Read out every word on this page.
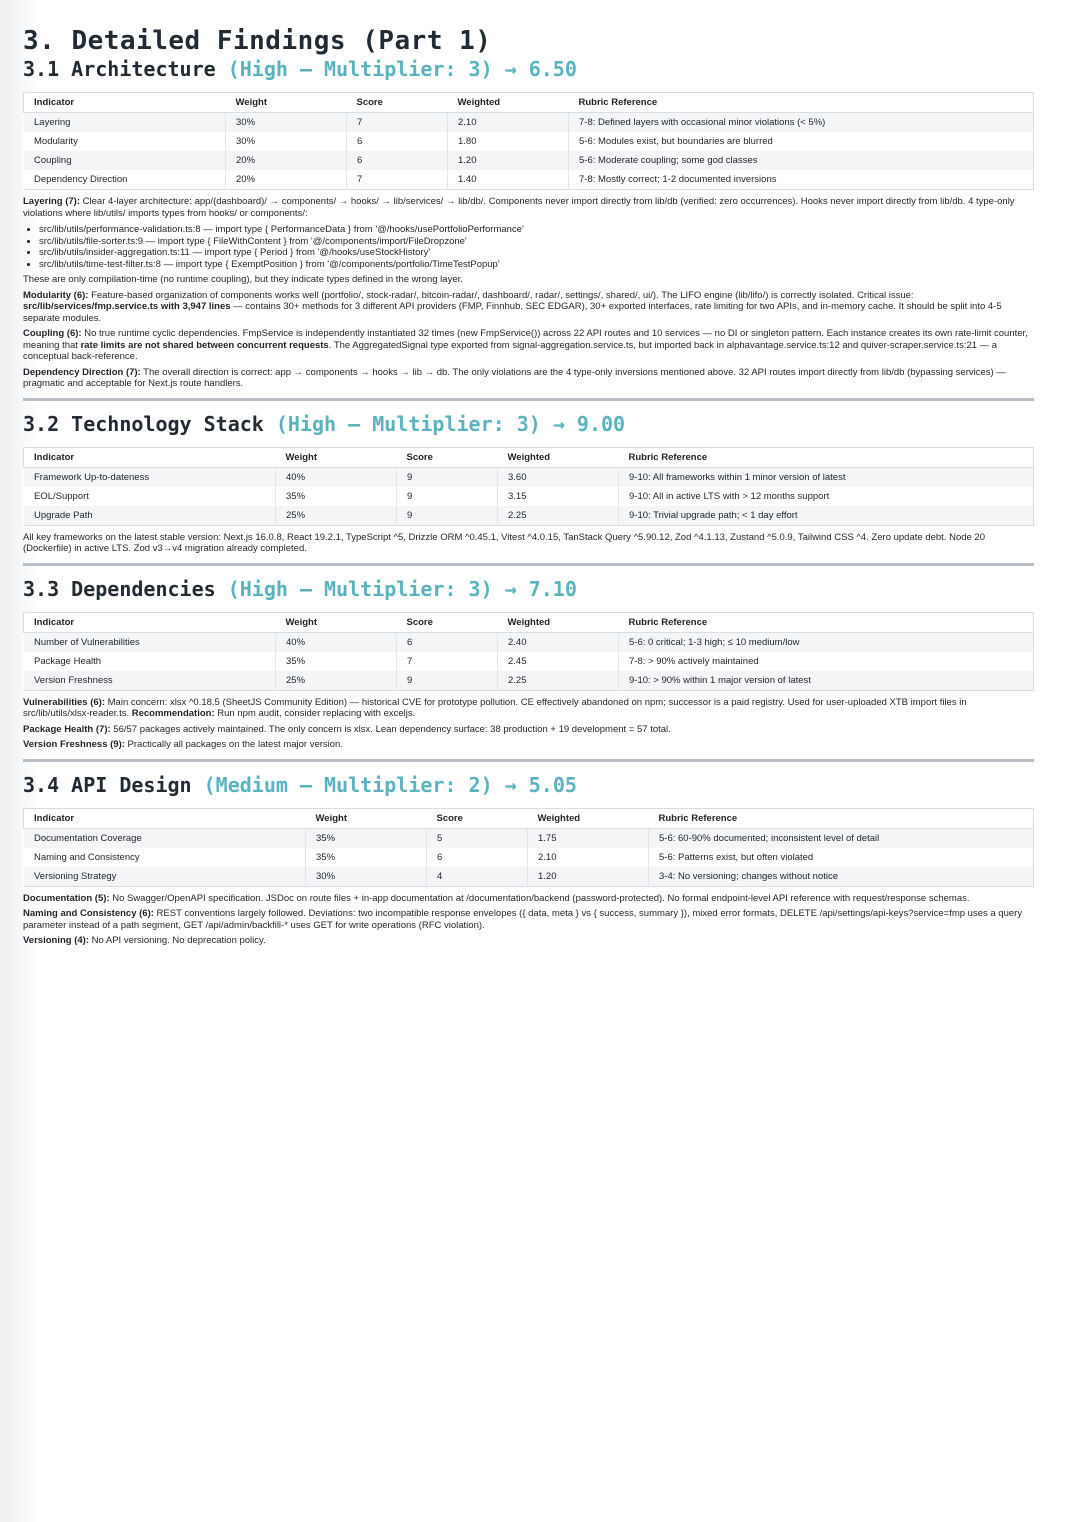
3. Detailed Findings (Part 1)
3.1 Architecture (High — Multiplier: 3) → 6.50
Indicator	Weight	Score	Weighted	Rubric Reference
Layering	30%	7	2.10	7-8: Defined layers with occasional minor violations (< 5%)
Modularity	30%	6	1.80	5-6: Modules exist, but boundaries are blurred
Coupling	20%	6	1.20	5-6: Moderate coupling; some god classes
Dependency Direction	20%	7	1.40	7-8: Mostly correct; 1-2 documented inversions

Layering (7): Clear 4-layer architecture: app/(dashboard)/ → components/ → hooks/ → lib/services/ → lib/db/. Components never import directly from lib/db (verified: zero occurrences). Hooks never import directly from lib/db. 4 type-only violations where lib/utils/ imports types from hooks/ or components/:

• src/lib/utils/performance-validation.ts:8 — import type { PerformanceData } from '@/hooks/usePortfolioPerformance'
• src/lib/utils/file-sorter.ts:9 — import type { FileWithContent } from '@/components/import/FileDropzone'
• src/lib/utils/insider-aggregation.ts:11 — import type { Period } from '@/hooks/useStockHistory'
• src/lib/utils/time-test-filter.ts:8 — import type { ExemptPosition } from '@/components/portfolio/TimeTestPopup'

These are only compilation-time (no runtime coupling), but they indicate types defined in the wrong layer.

Modularity (6): Feature-based organization of components works well (portfolio/, stock-radar/, bitcoin-radar/, dashboard/, radar/, settings/, shared/, ui/). The LIFO engine (lib/lifo/) is correctly isolated. Critical issue: src/lib/services/fmp.service.ts with 3,947 lines — contains 30+ methods for 3 different API providers (FMP, Finnhub, SEC EDGAR), 30+ exported interfaces, rate limiting for two APIs, and in-memory cache. It should be split into 4-5 separate modules.

Coupling (6): No true runtime cyclic dependencies. FmpService is independently instantiated 32 times (new FmpService()) across 22 API routes and 10 services — no DI or singleton pattern. Each instance creates its own rate-limit counter, meaning that rate limits are not shared between concurrent requests. The AggregatedSignal type exported from signal-aggregation.service.ts, but imported back in alphavantage.service.ts:12 and quiver-scraper.service.ts:21 — a conceptual back-reference.

Dependency Direction (7): The overall direction is correct: app → components → hooks → lib → db. The only violations are the 4 type-only inversions mentioned above. 32 API routes import directly from lib/db (bypassing services) — pragmatic and acceptable for Next.js route handlers.

3.2 Technology Stack (High — Multiplier: 3) → 9.00
Indicator	Weight	Score	Weighted	Rubric Reference
Framework Up-to-dateness	40%	9	3.60	9-10: All frameworks within 1 minor version of latest
EOL/Support	35%	9	3.15	9-10: All in active LTS with > 12 months support
Upgrade Path	25%	9	2.25	9-10: Trivial upgrade path; < 1 day effort

All key frameworks on the latest stable version: Next.js 16.0.8, React 19.2.1, TypeScript ^5, Drizzle ORM ^0.45.1, Vitest ^4.0.15, TanStack Query ^5.90.12, Zod ^4.1.13, Zustand ^5.0.9, Tailwind CSS ^4. Zero update debt. Node 20 (Dockerfile) in active LTS. Zod v3→v4 migration already completed.

3.3 Dependencies (High — Multiplier: 3) → 7.10
Indicator	Weight	Score	Weighted	Rubric Reference
Number of Vulnerabilities	40%	6	2.40	5-6: 0 critical; 1-3 high; ≤ 10 medium/low
Package Health	35%	7	2.45	7-8: > 90% actively maintained
Version Freshness	25%	9	2.25	9-10: > 90% within 1 major version of latest

Vulnerabilities (6): Main concern: xlsx ^0.18.5 (SheetJS Community Edition) — historical CVE for prototype pollution. CE effectively abandoned on npm; successor is a paid registry. Used for user-uploaded XTB import files in src/lib/utils/xlsx-reader.ts. Recommendation: Run npm audit, consider replacing with exceljs.

Package Health (7): 56/57 packages actively maintained. The only concern is xlsx. Lean dependency surface: 38 production + 19 development = 57 total.

Version Freshness (9): Practically all packages on the latest major version.

3.4 API Design (Medium — Multiplier: 2) → 5.05
Indicator	Weight	Score	Weighted	Rubric Reference
Documentation Coverage	35%	5	1.75	5-6: 60-90% documented; inconsistent level of detail
Naming and Consistency	35%	6	2.10	5-6: Patterns exist, but often violated
Versioning Strategy	30%	4	1.20	3-4: No versioning; changes without notice

Documentation (5): No Swagger/OpenAPI specification. JSDoc on route files + in-app documentation at /documentation/backend (password-protected). No formal endpoint-level API reference with request/response schemas.

Naming and Consistency (6): REST conventions largely followed. Deviations: two incompatible response envelopes ({ data, meta } vs { success, summary }), mixed error formats, DELETE /api/settings/api-keys?service=fmp uses a query parameter instead of a path segment, GET /api/admin/backfill-* uses GET for write operations (RFC violation).

Versioning (4): No API versioning. No deprecation policy.
